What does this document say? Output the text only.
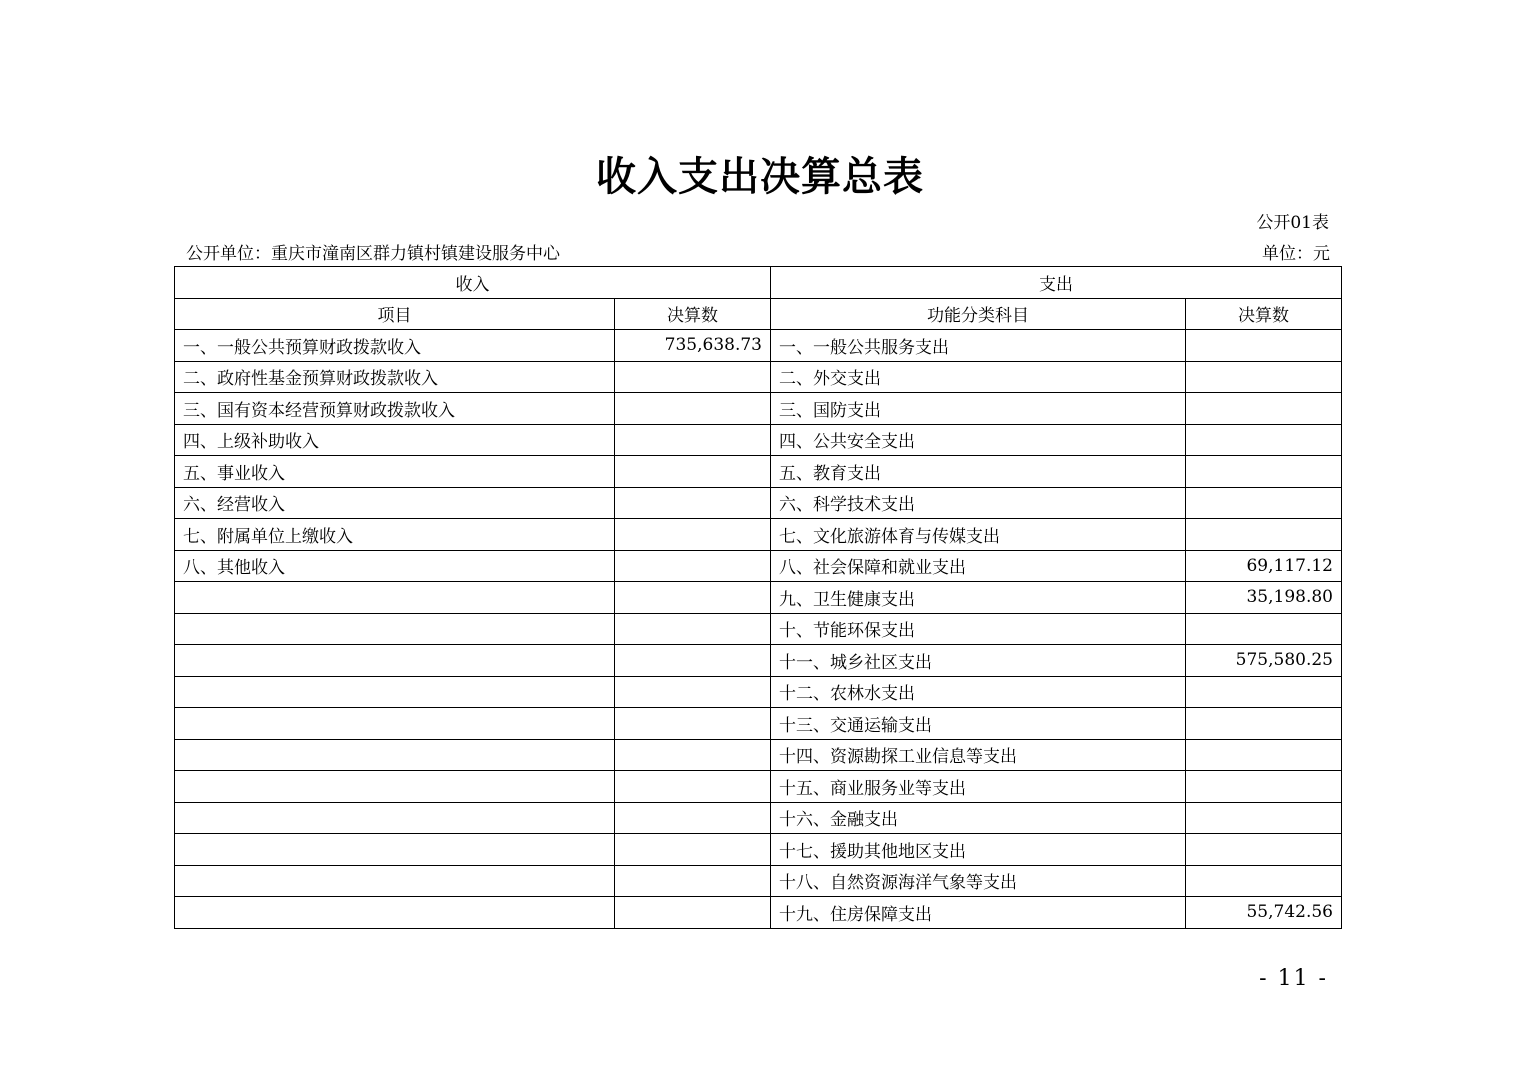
收入支出决算总表
公开01表
公开单位：重庆市潼南区群力镇村镇建设服务中心	单位：元
收入		支出	
项目	决算数	功能分类科目	决算数
一、一般公共预算财政拨款收入	735,638.73	一、一般公共服务支出	
二、政府性基金预算财政拨款收入		二、外交支出	
三、国有资本经营预算财政拨款收入		三、国防支出	
四、上级补助收入		四、公共安全支出	
五、事业收入		五、教育支出	
六、经营收入		六、科学技术支出	
七、附属单位上缴收入		七、文化旅游体育与传媒支出	
八、其他收入		八、社会保障和就业支出	69,117.12
		九、卫生健康支出	35,198.80
		十、节能环保支出	
		十一、城乡社区支出	575,580.25
		十二、农林水支出	
		十三、交通运输支出	
		十四、资源勘探工业信息等支出	
		十五、商业服务业等支出	
		十六、金融支出	
		十七、援助其他地区支出	
		十八、自然资源海洋气象等支出	
		十九、住房保障支出	55,742.56
- 11 -
